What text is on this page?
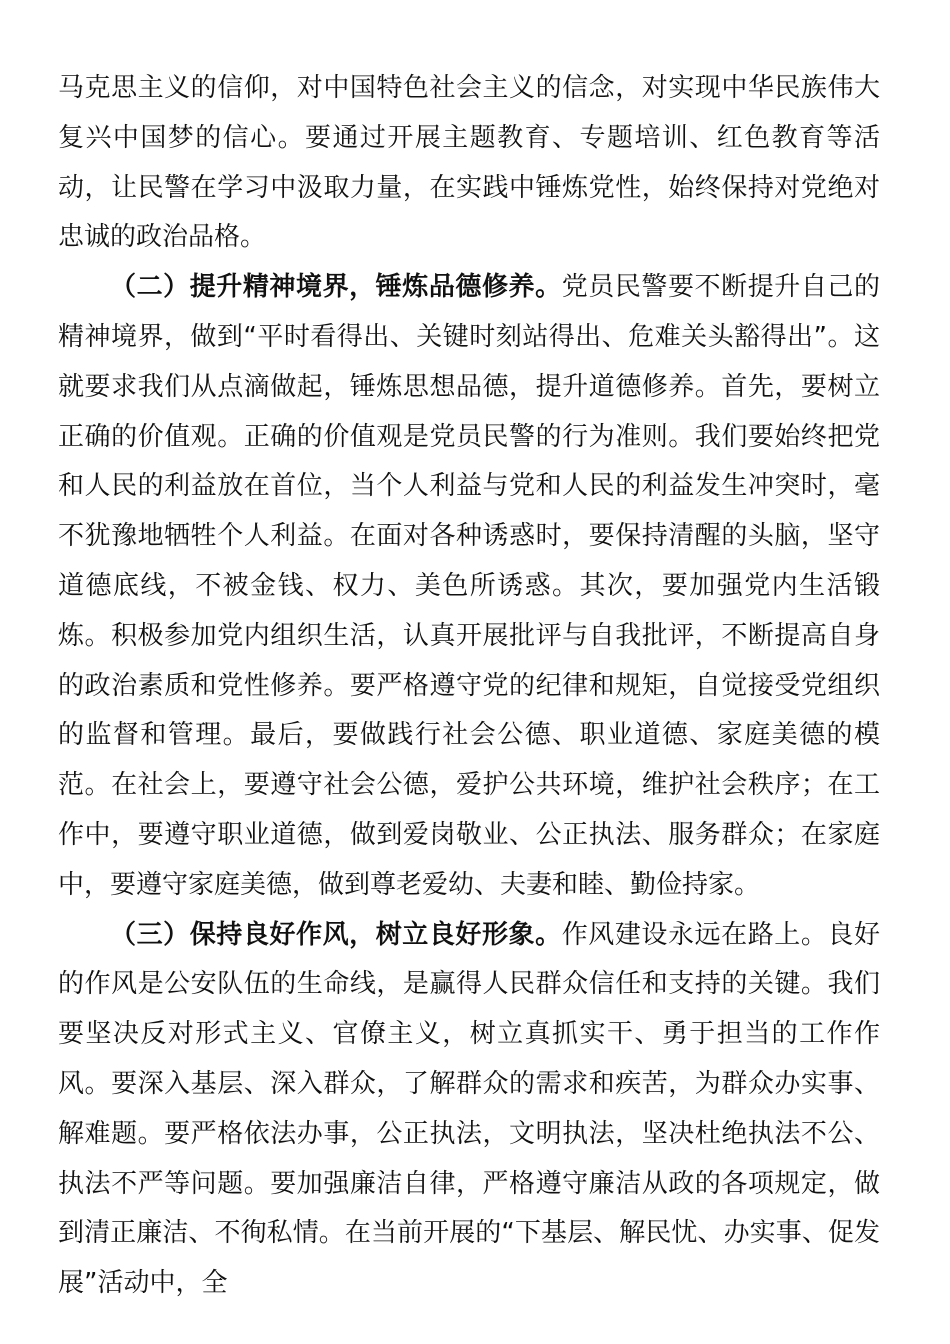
马克思主义的信仰，对中国特色社会主义的信念，对实现中华民族伟大复兴中国梦的信心。要通过开展主题教育、专题培训、红色教育等活动，让民警在学习中汲取力量，在实践中锤炼党性，始终保持对党绝对忠诚的政治品格。

（二）提升精神境界，锤炼品德修养。党员民警要不断提升自己的精神境界，做到“平时看得出、关键时刻站得出、危难关头豁得出”。这就要求我们从点滴做起，锤炼思想品德，提升道德修养。首先，要树立正确的价值观。正确的价值观是党员民警的行为准则。我们要始终把党和人民的利益放在首位，当个人利益与党和人民的利益发生冲突时，毫不犹豫地牺牲个人利益。在面对各种诱惑时，要保持清醒的头脑，坚守道德底线，不被金钱、权力、美色所诱惑。其次，要加强党内生活锻炼。积极参加党内组织生活，认真开展批评与自我批评，不断提高自身的政治素质和党性修养。要严格遵守党的纪律和规矩，自觉接受党组织的监督和管理。最后，要做践行社会公德、职业道德、家庭美德的模范。在社会上，要遵守社会公德，爱护公共环境，维护社会秩序；在工作中，要遵守职业道德，做到爱岗敬业、公正执法、服务群众；在家庭中，要遵守家庭美德，做到尊老爱幼、夫妻和睦、勤俭持家。

（三）保持良好作风，树立良好形象。作风建设永远在路上。良好的作风是公安队伍的生命线，是赢得人民群众信任和支持的关键。我们要坚决反对形式主义、官僚主义，树立真抓实干、勇于担当的工作作风。要深入基层、深入群众，了解群众的需求和疾苦，为群众办实事、解难题。要严格依法办事，公正执法，文明执法，坚决杜绝执法不公、执法不严等问题。要加强廉洁自律，严格遵守廉洁从政的各项规定，做到清正廉洁、不徇私情。在当前开展的“下基层、解民忧、办实事、促发展”活动中，全
